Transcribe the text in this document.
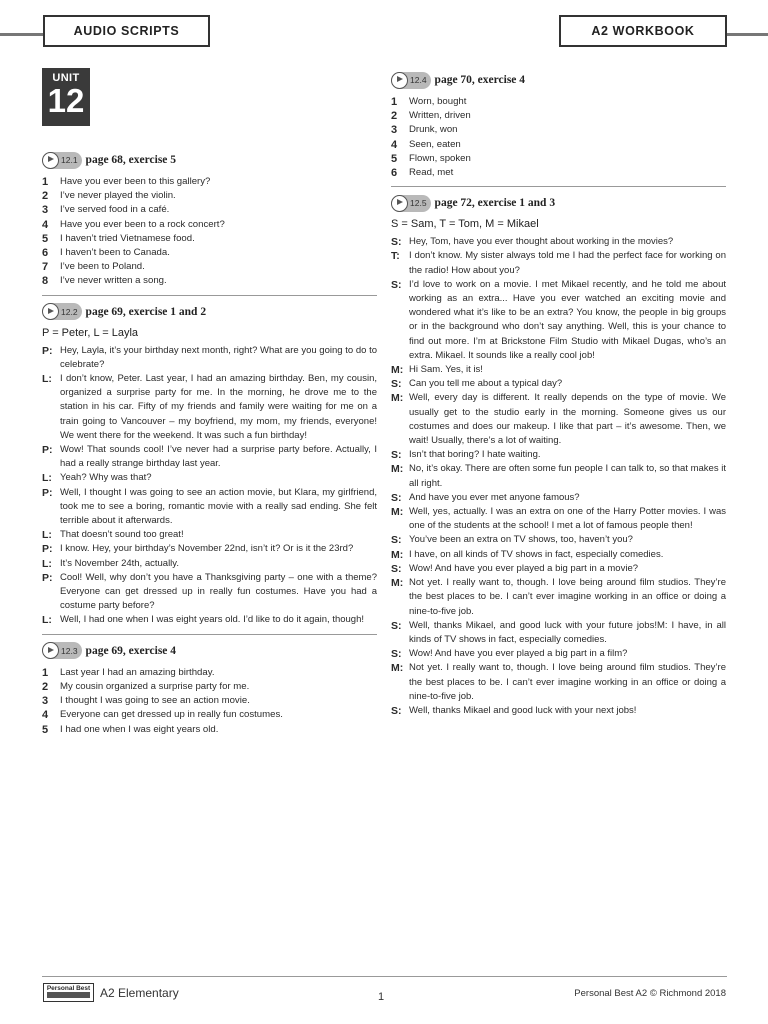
AUDIO SCRIPTS	A2 WORKBOOK
UNIT
12
12.1 page 68, exercise 5
1	Have you ever been to this gallery?
2	I’ve never played the violin.
3	I’ve served food in a café.
4	Have you ever been to a rock concert?
5	I haven’t tried Vietnamese food.
6	I haven’t been to Canada.
7	I’ve been to Poland.
8	I’ve never written a song.
12.2 page 69, exercise 1 and 2
P = Peter, L = Layla
P: Hey, Layla, it’s your birthday next month, right? What are you going to do to celebrate?
L: I don’t know, Peter. Last year, I had an amazing birthday. Ben, my cousin, organized a surprise party for me. In the morning, he drove me to the station in his car. Fifty of my friends and family were waiting for me on a train going to Vancouver – my boyfriend, my mom, my friends, everyone! We went there for the weekend. It was such a fun birthday!
P: Wow! That sounds cool! I’ve never had a surprise party before. Actually, I had a really strange birthday last year.
L: Yeah? Why was that?
P: Well, I thought I was going to see an action movie, but Klara, my girlfriend, took me to see a boring, romantic movie with a really sad ending. She felt terrible about it afterwards.
L: That doesn’t sound too great!
P: I know. Hey, your birthday’s November 22nd, isn’t it? Or is it the 23rd?
L: It’s November 24th, actually.
P: Cool! Well, why don’t you have a Thanksgiving party – one with a theme? Everyone can get dressed up in really fun costumes. Have you had a costume party before?
L: Well, I had one when I was eight years old. I’d like to do it again, though!
12.3 page 69, exercise 4
1	Last year I had an amazing birthday.
2	My cousin organized a surprise party for me.
3	I thought I was going to see an action movie.
4	Everyone can get dressed up in really fun costumes.
5	I had one when I was eight years old.
12.4 page 70, exercise 4
1	Worn, bought
2	Written, driven
3	Drunk, won
4	Seen, eaten
5	Flown, spoken
6	Read, met
12.5 page 72, exercise 1 and 3
S = Sam, T = Tom, M = Mikael
S: Hey, Tom, have you ever thought about working in the movies?
T: I don’t know. My sister always told me I had the perfect face for working on the radio! How about you?
S: I’d love to work on a movie. I met Mikael recently, and he told me about working as an extra... Have you ever watched an exciting movie and wondered what it’s like to be an extra? You know, the people in big groups or in the background who don’t say anything. Well, this is your chance to find out more. I’m at Brickstone Film Studio with Mikael Dugas, who’s an extra. Mikael. It sounds like a really cool job!
M: Hi Sam. Yes, it is!
S: Can you tell me about a typical day?
M: Well, every day is different. It really depends on the type of movie. We usually get to the studio early in the morning. Someone gives us our costumes and does our makeup. I like that part – it’s awesome. Then, we wait! Usually, there’s a lot of waiting.
S: Isn’t that boring? I hate waiting.
M: No, it’s okay. There are often some fun people I can talk to, so that makes it all right.
S: And have you ever met anyone famous?
M: Well, yes, actually. I was an extra on one of the Harry Potter movies. I was one of the students at the school! I met a lot of famous people then!
S: You’ve been an extra on TV shows, too, haven’t you?
M: I have, on all kinds of TV shows in fact, especially comedies.
S: Wow! And have you ever played a big part in a movie?
M: Not yet. I really want to, though. I love being around film studios. They’re the best places to be. I can’t ever imagine working in an office or doing a nine-to-five job.
S: Well, thanks Mikael, and good luck with your future jobs!M: I have, in all kinds of TV shows in fact, especially comedies.
S: Wow! And have you ever played a big part in a film?
M: Not yet. I really want to, though. I love being around film studios. They’re the best places to be. I can’t ever imagine working in an office or doing a nine-to-five job.
S: Well, thanks Mikael and good luck with your next jobs!
Personal Best A2 Elementary	1	Personal Best A2 © Richmond 2018
